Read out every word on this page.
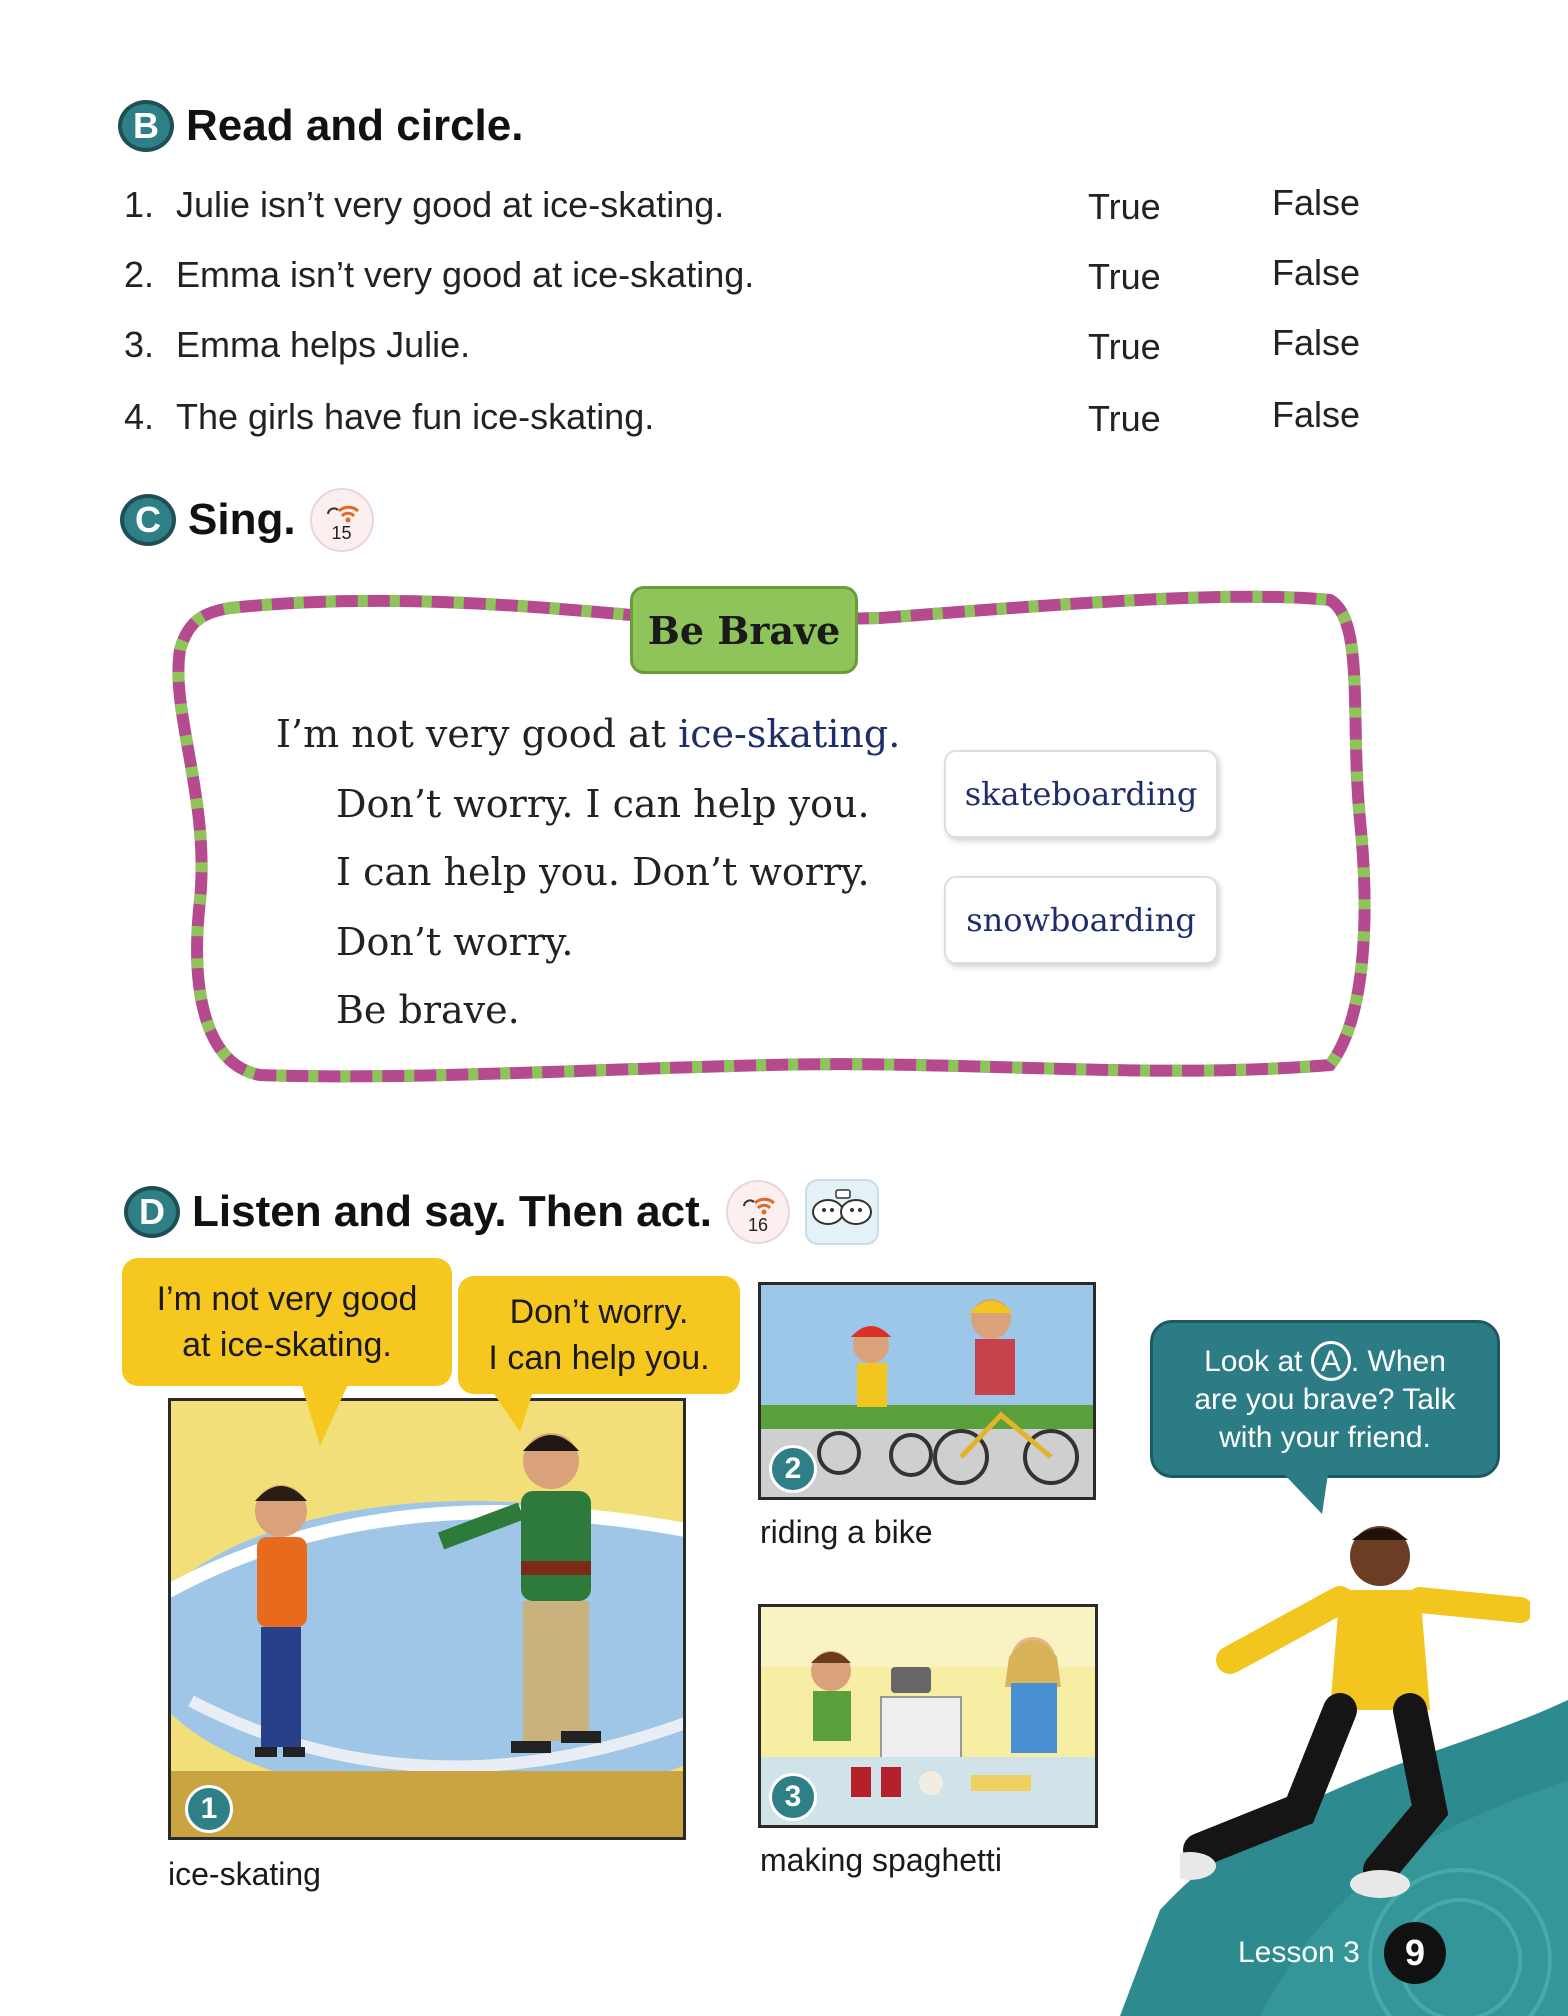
B Read and circle.
1. Julie isn’t very good at ice-skating.	True	False
2. Emma isn’t very good at ice-skating.	True	False
3. Emma helps Julie.	True	False
4. The girls have fun ice-skating.	True	False
C Sing.	15
Be Brave
I’m not very good at ice-skating.
Don’t worry. I can help you.
I can help you. Don’t worry.
Don’t worry.
Be brave.
skateboarding
snowboarding
D Listen and say. Then act.	16
1
ice-skating
I’m not very good
at ice-skating.
Don’t worry.
I can help you.
2
riding a bike
3
making spaghetti
Look at A . When
are you brave? Talk
with your friend.
Lesson 3	9
